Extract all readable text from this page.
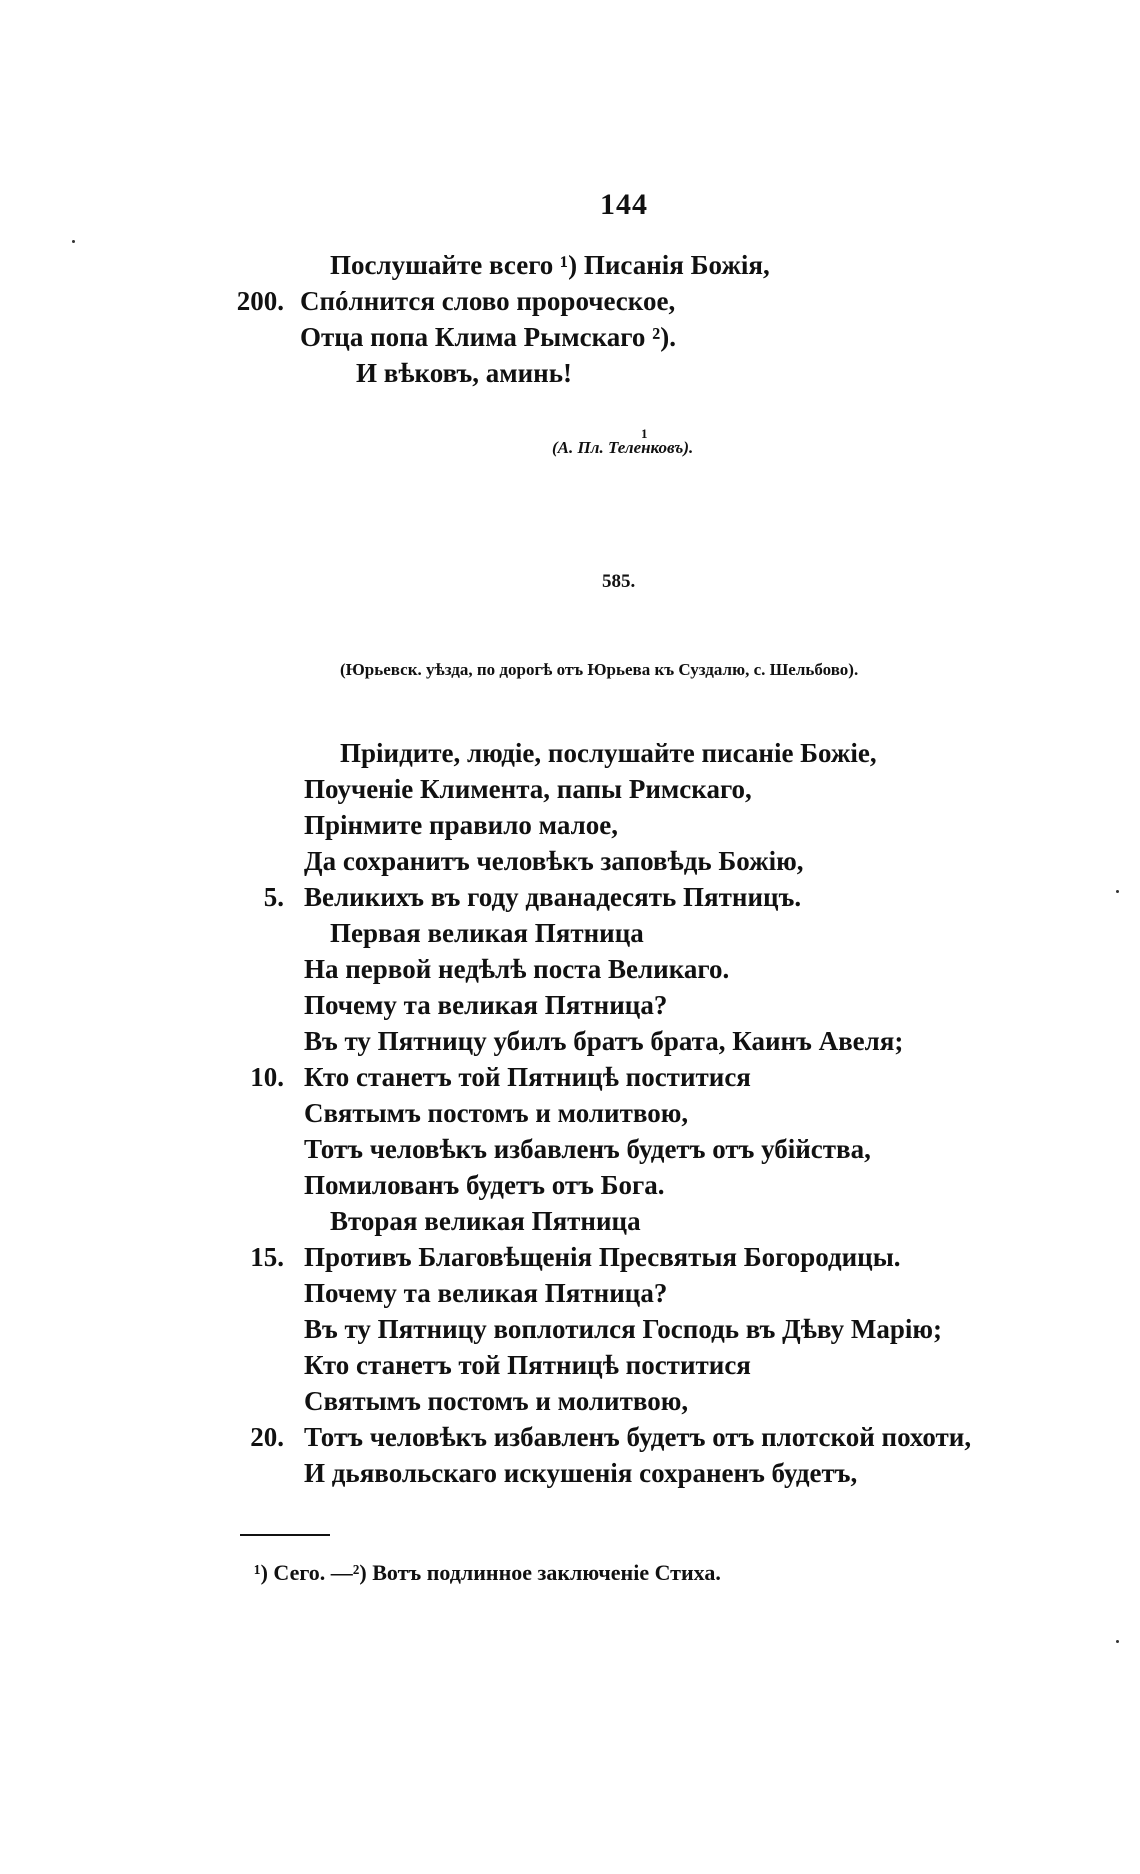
144
Послушайте всего ¹) Писанія Божія,
200. Спóлнится слово пророческое,
Отца попа Клима Рымскаго ²).
И вѣковъ, аминь!
1
(А. Пл. Теленковъ).
585.
(Юрьевск. уѣзда, по дорогѣ отъ Юрьева къ Суздалю, с. Шельбово).
Пріидите, людіе, послушайте писаніе Божіе,
Поученіе Климента, папы Римскаго,
Прінмите правило малое,
Да сохранитъ человѣкъ заповѣдь Божію,
5. Великихъ въ году дванадесять Пятницъ.
Первая великая Пятница
На первой недѣлѣ поста Великаго.
Почему та великая Пятница?
Въ ту Пятницу убилъ братъ брата, Каинъ Авеля;
10. Кто станетъ той Пятницѣ поститися
Святымъ постомъ и молитвою,
Тотъ человѣкъ избавленъ будетъ отъ убійства,
Помилованъ будетъ отъ Бога.
Вторая великая Пятница
15. Противъ Благовѣщенія Пресвятыя Богородицы.
Почему та великая Пятница?
Въ ту Пятницу воплотился Господь въ Дѣву Марію;
Кто станетъ той Пятницѣ поститися
Святымъ постомъ и молитвою,
20. Тотъ человѣкъ избавленъ будетъ отъ плотской похоти,
И дьявольскаго искушенія сохраненъ будетъ,
¹) Сего. —²) Вотъ подлинное заключеніе Стиха.
